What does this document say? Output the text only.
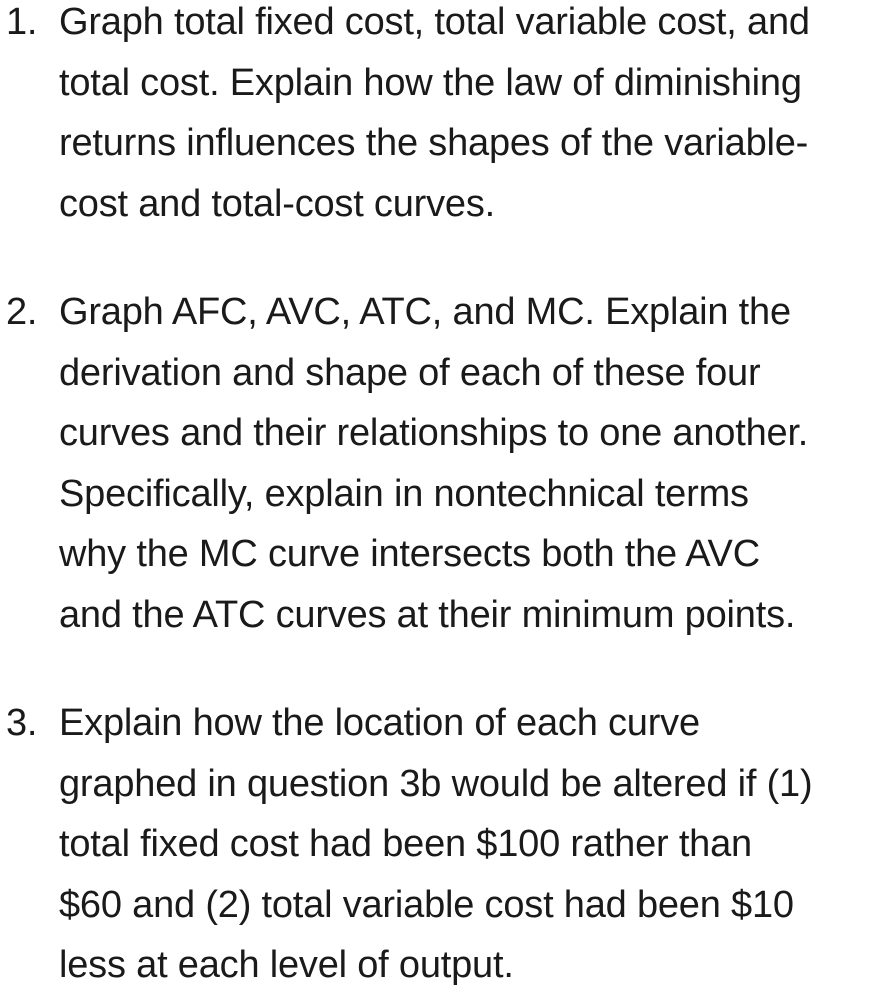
1. Graph total fixed cost, total variable cost, and
total cost. Explain how the law of diminishing
returns influences the shapes of the variable-
cost and total-cost curves.
2. Graph AFC, AVC, ATC, and MC. Explain the
derivation and shape of each of these four
curves and their relationships to one another.
Specifically, explain in nontechnical terms
why the MC curve intersects both the AVC
and the ATC curves at their minimum points.
3. Explain how the location of each curve
graphed in question 3b would be altered if (1)
total fixed cost had been $100 rather than
$60 and (2) total variable cost had been $10
less at each level of output.
